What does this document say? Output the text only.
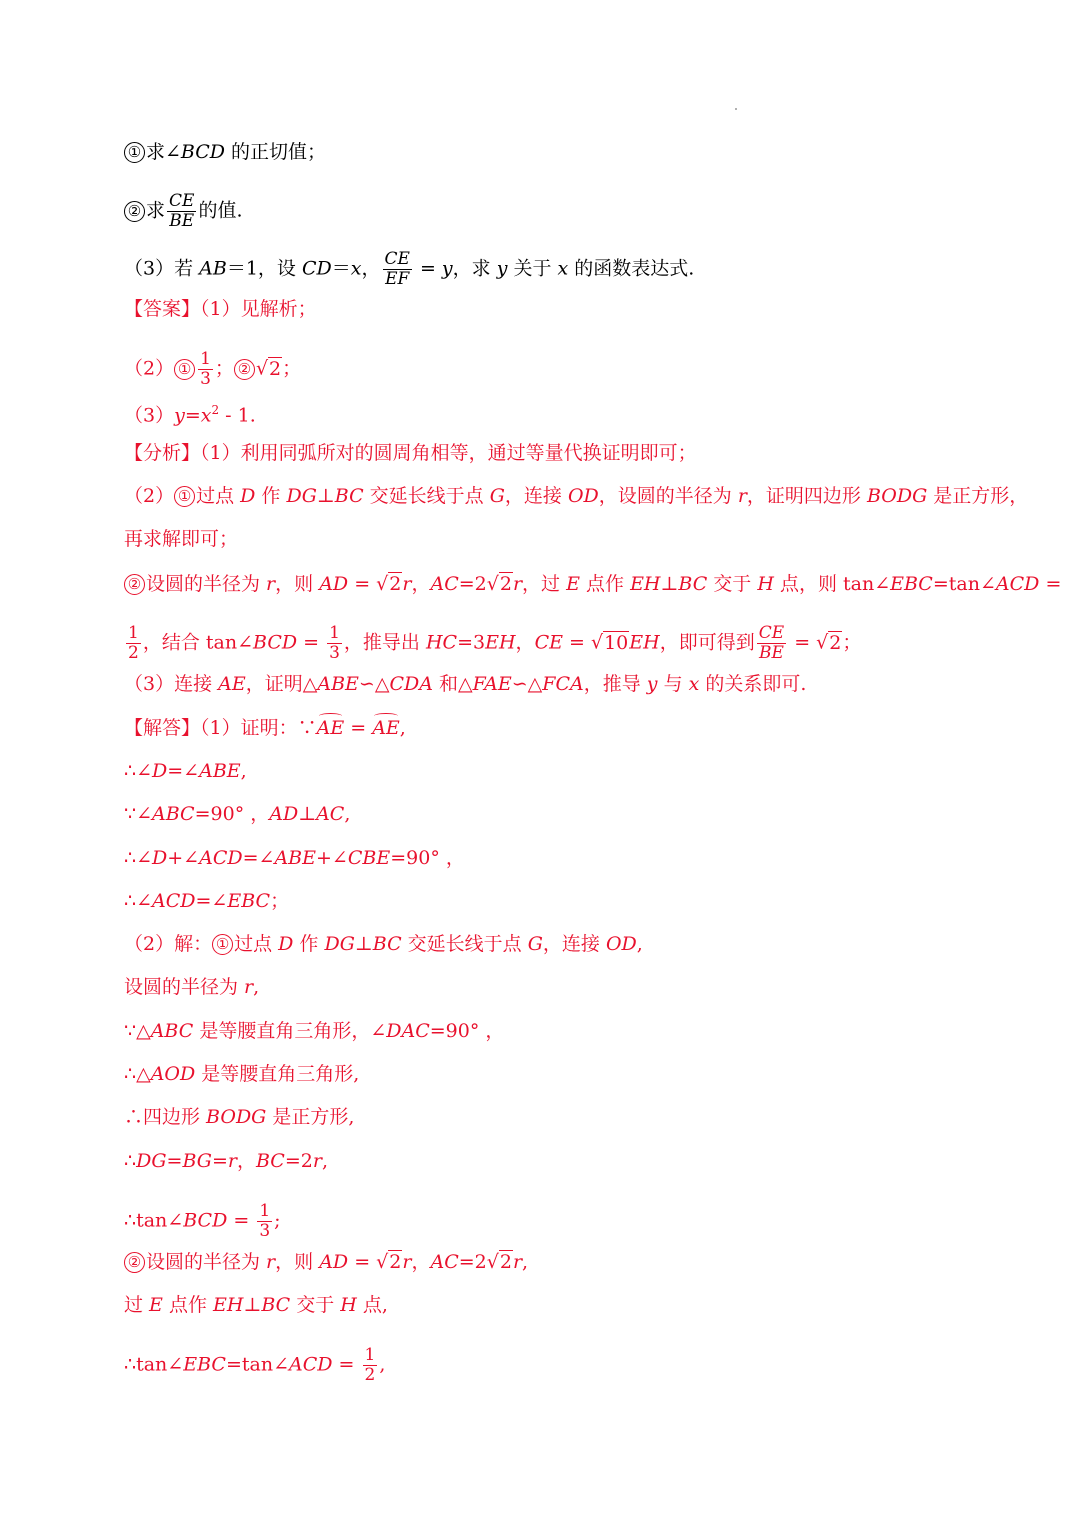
① 求∠BCD 的正切值；
② 求 $\frac{CE}{BE}$ 的值.
（3）若 AB＝1，设 CD＝x， $\frac{CE}{EF} = y$，求 y 关于 x 的函数表达式.
【答案】（1）见解析；
（2） ① $\frac{1}{3}$ ； ② √2；
$(3)y=x^2 - 1$.
【分析】（1）利用同弧所对的圆周角相等，通过等量代换证明即可；
（2） ① 过点 D 作 DG⊥BC 交延长线于点 G，连接 OD，设圆的半径为 r，证明四边形 BODG 是正方形，
再求解即可；
② 设圆的半径为 r，则 AD = √2r，AC=2√2r，过 E 点作 EH⊥BC 交于 H 点，则 tan∠EBC=tan∠ACD =
$\frac{1}{2}$ ，结合 tan∠BCD = $\frac{1}{3}$ ，推导出 HC=3EH，CE = √10EH，即可得到 $\frac{CE}{BE} = √2$；
（3）连接 AE，证明△ABE∽△CDA 和△FAE∽△FCA，推导 y 与 x 的关系即可.
【解答】（1）证明：∵AE = AE,
∴∠D=∠ABE,
∵∠ABC=90° ，AD⊥AC,
∴∠D+∠ACD=∠ABE+∠CBE=90° ，
∴∠ACD=∠EBC；
（2）解： ① 过点 D 作 DG⊥BC 交延长线于点 G，连接 OD,
设圆的半径为 r,
∵△ABC 是等腰直角三角形，∠DAC=90° ，
∴△AOD 是等腰直角三角形,
∴四边形 BODG 是正方形,
∴DG=BG=r，BC=2r,
∴tan∠BCD = $\frac{1}{3}$ ;
② 设圆的半径为 r，则 AD = √2r，AC=2√2r,
过 E 点作 EH⊥BC 交于 H 点,
∴tan∠EBC=tan∠ACD = $\frac{1}{2}$ ,
